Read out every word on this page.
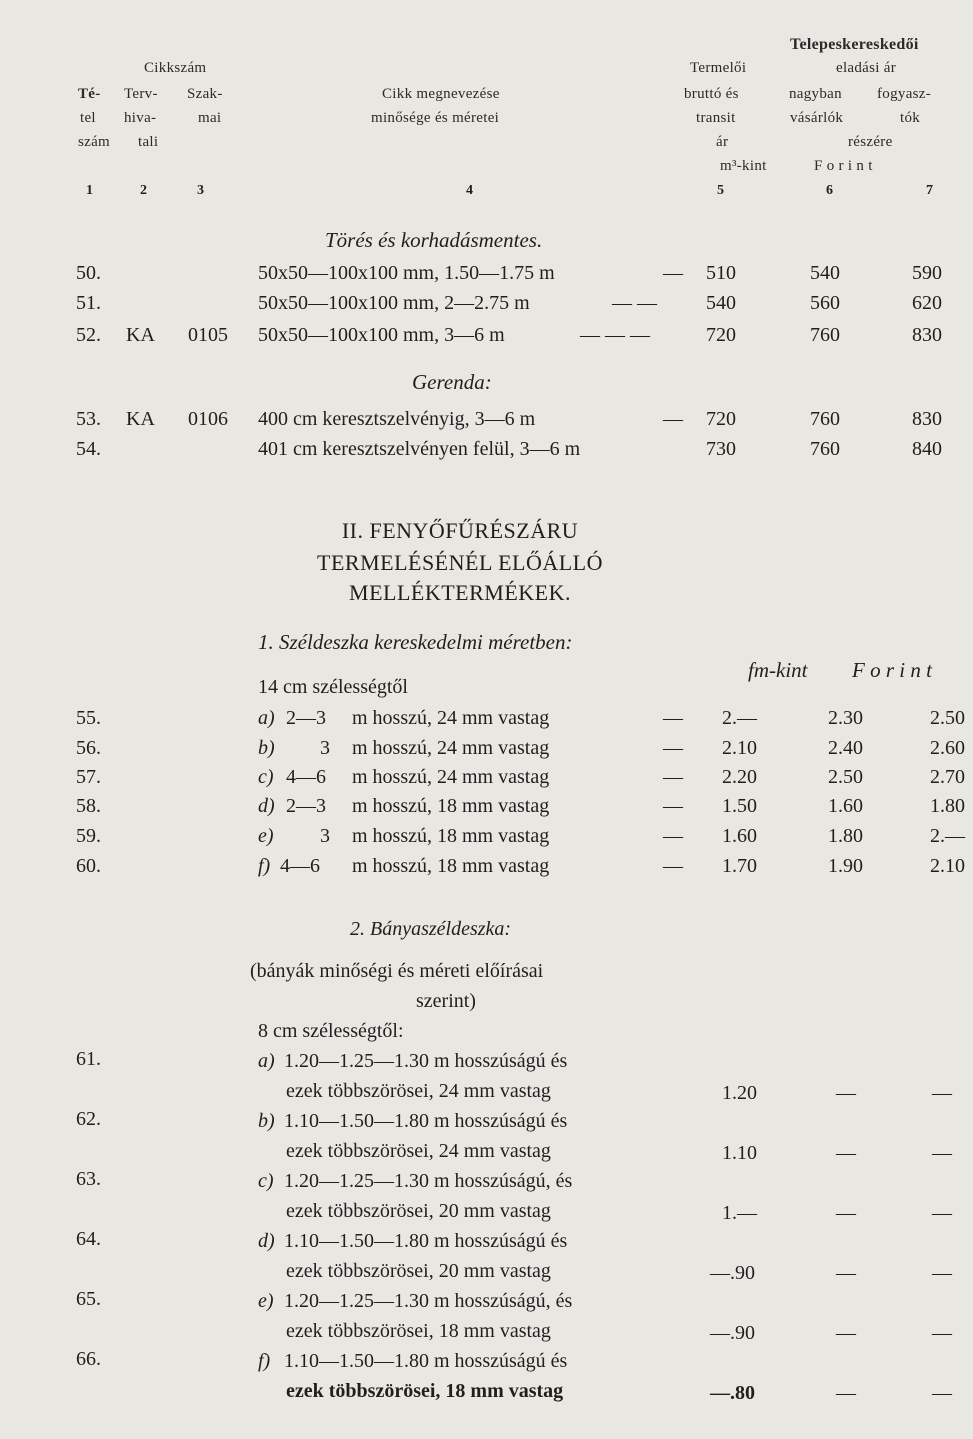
Telepeskereskedői
Cikkszám	Termelői	eladási ár
Té- Terv- Szak-	Cikk megnevezése	bruttó és	nagyban fogyasz-
tel hiva-	mai	minősége és méretei	transit	vásárlók	tók
szám tali	ár	részére
m³-kint	F o r i n t
1	2	3	4	5	6	7
Törés és korhadásmentes.
50.	50x50—100x100 mm, 1.50—1.75 m	— 510	540	590
51.	50x50—100x100 mm, 2—2.75 m	— — 540	560	620
52. KA 0105 50x50—100x100 mm, 3—6 m	— — —	720	760	830
Gerenda:
53. KA 0106 400 cm keresztszelvényig, 3—6 m	— 720	760	830
54.	401 cm keresztszelvényen felül, 3—6 m	730	760	840
II. FENYŐFŰRÉSZÁRU
TERMELÉSÉNÉL ELŐÁLLÓ
MELLÉKTERMÉKEK.
1. Széldeszka kereskedelmi méretben:
fm-kint F o r i n t
14 cm szélességtől
55.	a) 2—3 m hosszú, 24 mm vastag	— 2.—	2.30	2.50
56.	b) 3 m hosszú, 24 mm vastag	— 2.10	2.40	2.60
57.	c) 4—6 m hosszú, 24 mm vastag	— 2.20	2.50	2.70
58.	d) 2—3 m hosszú, 18 mm vastag	— 1.50	1.60	1.80
59.	e) 3 m hosszú, 18 mm vastag	— 1.60	1.80	2.—
60.	f) 4—6 m hosszú, 18 mm vastag	— 1.70	1.90	2.10
2. Bányaszéldeszka:
(bányák minőségi és méreti előírásai
szerint)
8 cm szélességtől:
61.	a) 1.20—1.25—1.30 m hosszúságú és
ezek többszörösei, 24 mm vastag	1.20	—	—
62.	b) 1.10—1.50—1.80 m hosszúságú és
ezek többszörösei, 24 mm vastag	1.10	—	—
63.	c) 1.20—1.25—1.30 m hosszúságú, és
ezek többszörösei, 20 mm vastag	1.—	—	—
64.	d) 1.10—1.50—1.80 m hosszúságú és
ezek többszörösei, 20 mm vastag	—.90	—	—
65.	e) 1.20—1.25—1.30 m hosszúságú, és
ezek többszörösei, 18 mm vastag	—.90	—	—
66.	f) 1.10—1.50—1.80 m hosszúságú és
ezek többszörösei, 18 mm vastag	—.80	—	—
